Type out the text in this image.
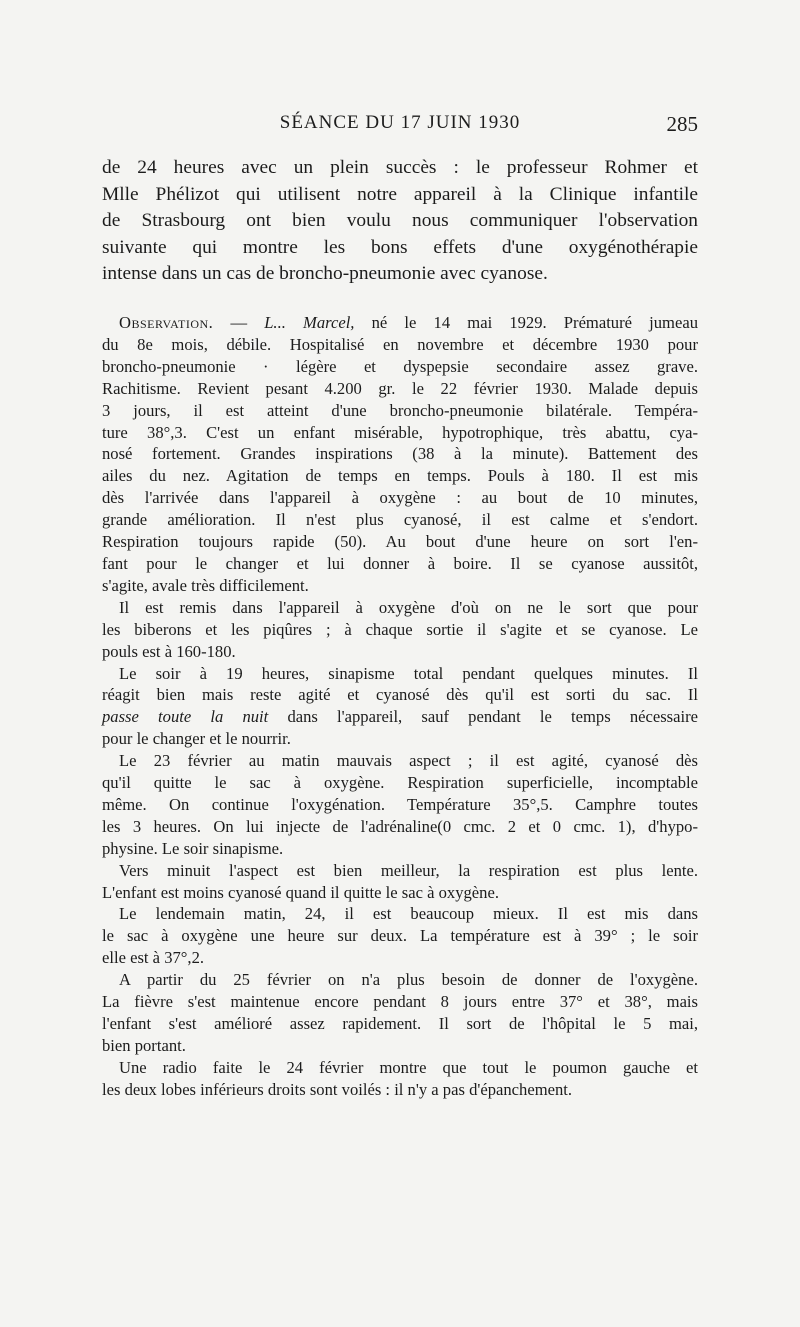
SÉANCE DU 17 JUIN 1930	285
de 24 heures avec un plein succès : le professeur Rohmer et
Mlle Phélizot qui utilisent notre appareil à la Clinique infantile
de Strasbourg ont bien voulu nous communiquer l'observation
suivante qui montre les bons effets d'une oxygénothérapie
intense dans un cas de broncho-pneumonie avec cyanose.
Observation. — L... Marcel, né le 14 mai 1929. Prématuré jumeau
du 8e mois, débile. Hospitalisé en novembre et décembre 1930 pour
broncho-pneumonie · légère et dyspepsie secondaire assez grave.
Rachitisme. Revient pesant 4.200 gr. le 22 février 1930. Malade depuis
3 jours, il est atteint d'une broncho-pneumonie bilatérale. Tempéra-
ture 38°,3. C'est un enfant misérable, hypotrophique, très abattu, cya-
nosé fortement. Grandes inspirations (38 à la minute). Battement des
ailes du nez. Agitation de temps en temps. Pouls à 180. Il est mis
dès l'arrivée dans l'appareil à oxygène : au bout de 10 minutes,
grande amélioration. Il n'est plus cyanosé, il est calme et s'endort.
Respiration toujours rapide (50). Au bout d'une heure on sort l'en-
fant pour le changer et lui donner à boire. Il se cyanose aussitôt,
s'agite, avale très difficilement.
Il est remis dans l'appareil à oxygène d'où on ne le sort que pour
les biberons et les piqûres ; à chaque sortie il s'agite et se cyanose. Le
pouls est à 160-180.
Le soir à 19 heures, sinapisme total pendant quelques minutes. Il
réagit bien mais reste agité et cyanosé dès qu'il est sorti du sac. Il
passe toute la nuit dans l'appareil, sauf pendant le temps nécessaire
pour le changer et le nourrir.
Le 23 février au matin mauvais aspect ; il est agité, cyanosé dès
qu'il quitte le sac à oxygène. Respiration superficielle, incomptable
même. On continue l'oxygénation. Température 35°,5. Camphre toutes
les 3 heures. On lui injecte de l'adrénaline(0 cmc. 2 et 0 cmc. 1), d'hypo-
physine. Le soir sinapisme.
Vers minuit l'aspect est bien meilleur, la respiration est plus lente.
L'enfant est moins cyanosé quand il quitte le sac à oxygène.
Le lendemain matin, 24, il est beaucoup mieux. Il est mis dans
le sac à oxygène une heure sur deux. La température est à 39° ; le soir
elle est à 37°,2.
A partir du 25 février on n'a plus besoin de donner de l'oxygène.
La fièvre s'est maintenue encore pendant 8 jours entre 37° et 38°, mais
l'enfant s'est amélioré assez rapidement. Il sort de l'hôpital le 5 mai,
bien portant.
Une radio faite le 24 février montre que tout le poumon gauche et
les deux lobes inférieurs droits sont voilés : il n'y a pas d'épanchement.
